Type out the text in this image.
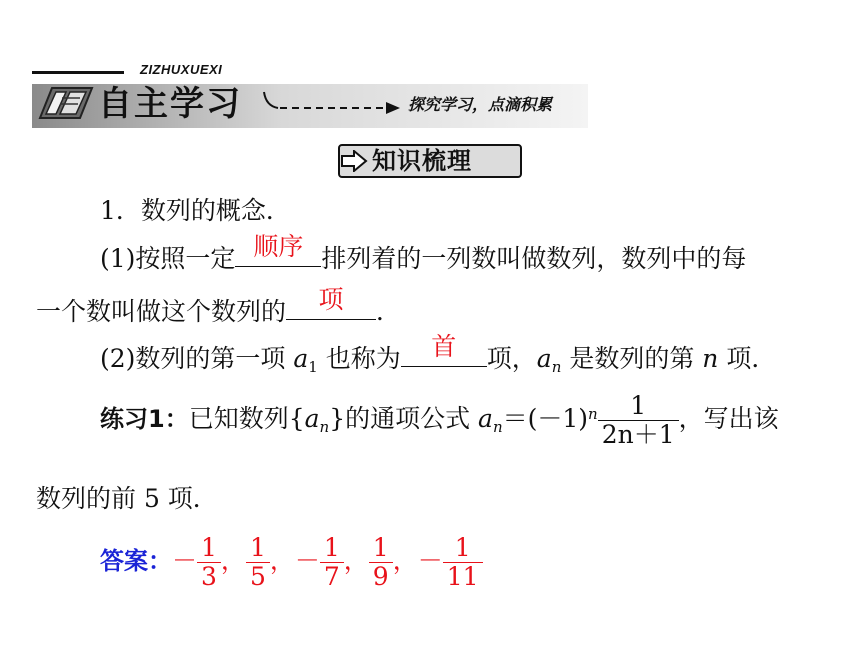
ZIZHUXUEXI
自主学习	探究学习，点滴积累
知识梳理
1．数列的概念．
(1)按照一定 顺序 排列着的一列数叫做数列，数列中的每
一个数叫做这个数列的	项	．
(2)数列的第一项 $a_1$ 也称为	首	项，$a_n$ 是数列的第 n 项．
练习1：已知数列$\{a_n\}$的通项公式 $a_n=(-1)^n \frac{1}{2n+1}$ ，写出该
数列的前 5 项．
答案：－ $\frac{1}{3}$ ， $\frac{1}{5}$ ，－ $\frac{1}{7}$ ， $\frac{1}{9}$ ，－ $\frac{1}{11}$
